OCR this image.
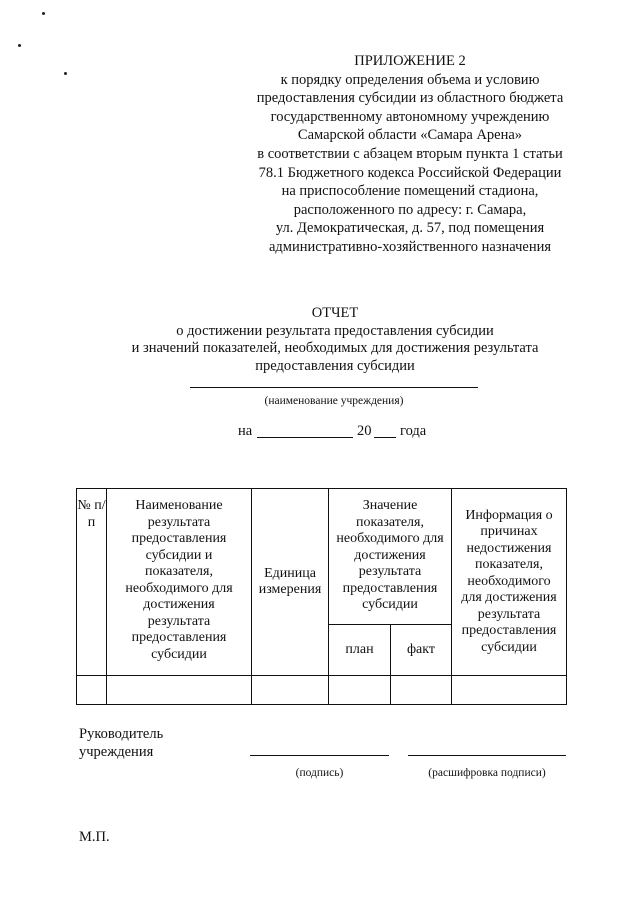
ПРИЛОЖЕНИЕ 2
к порядку определения объема и условию
предоставления субсидии из областного бюджета
государственному автономному учреждению
Самарской области «Самара Арена»
в соответствии с абзацем вторым пункта 1 статьи
78.1 Бюджетного кодекса Российской Федерации
на приспособление помещений стадиона,
расположенного по адресу: г. Самара,
ул. Демократическая, д. 57, под помещения
административно-хозяйственного назначения
ОТЧЕТ
о достижении результата предоставления субсидии
и значений показателей, необходимых для достижения результата
предоставления субсидии
(наименование учреждения)
на	20 года
№ п/п	Наименование результата предоставления субсидии и показателя, необходимого для достижения результата предоставления субсидии	Единица измерения	Значение показателя, необходимого для достижения результата предоставления субсидии		Информация о причинах недостижения показателя, необходимого для достижения результата предоставления субсидии
			план	факт	

Руководитель
учреждения
(подпись)	(расшифровка подписи)
М.П.
